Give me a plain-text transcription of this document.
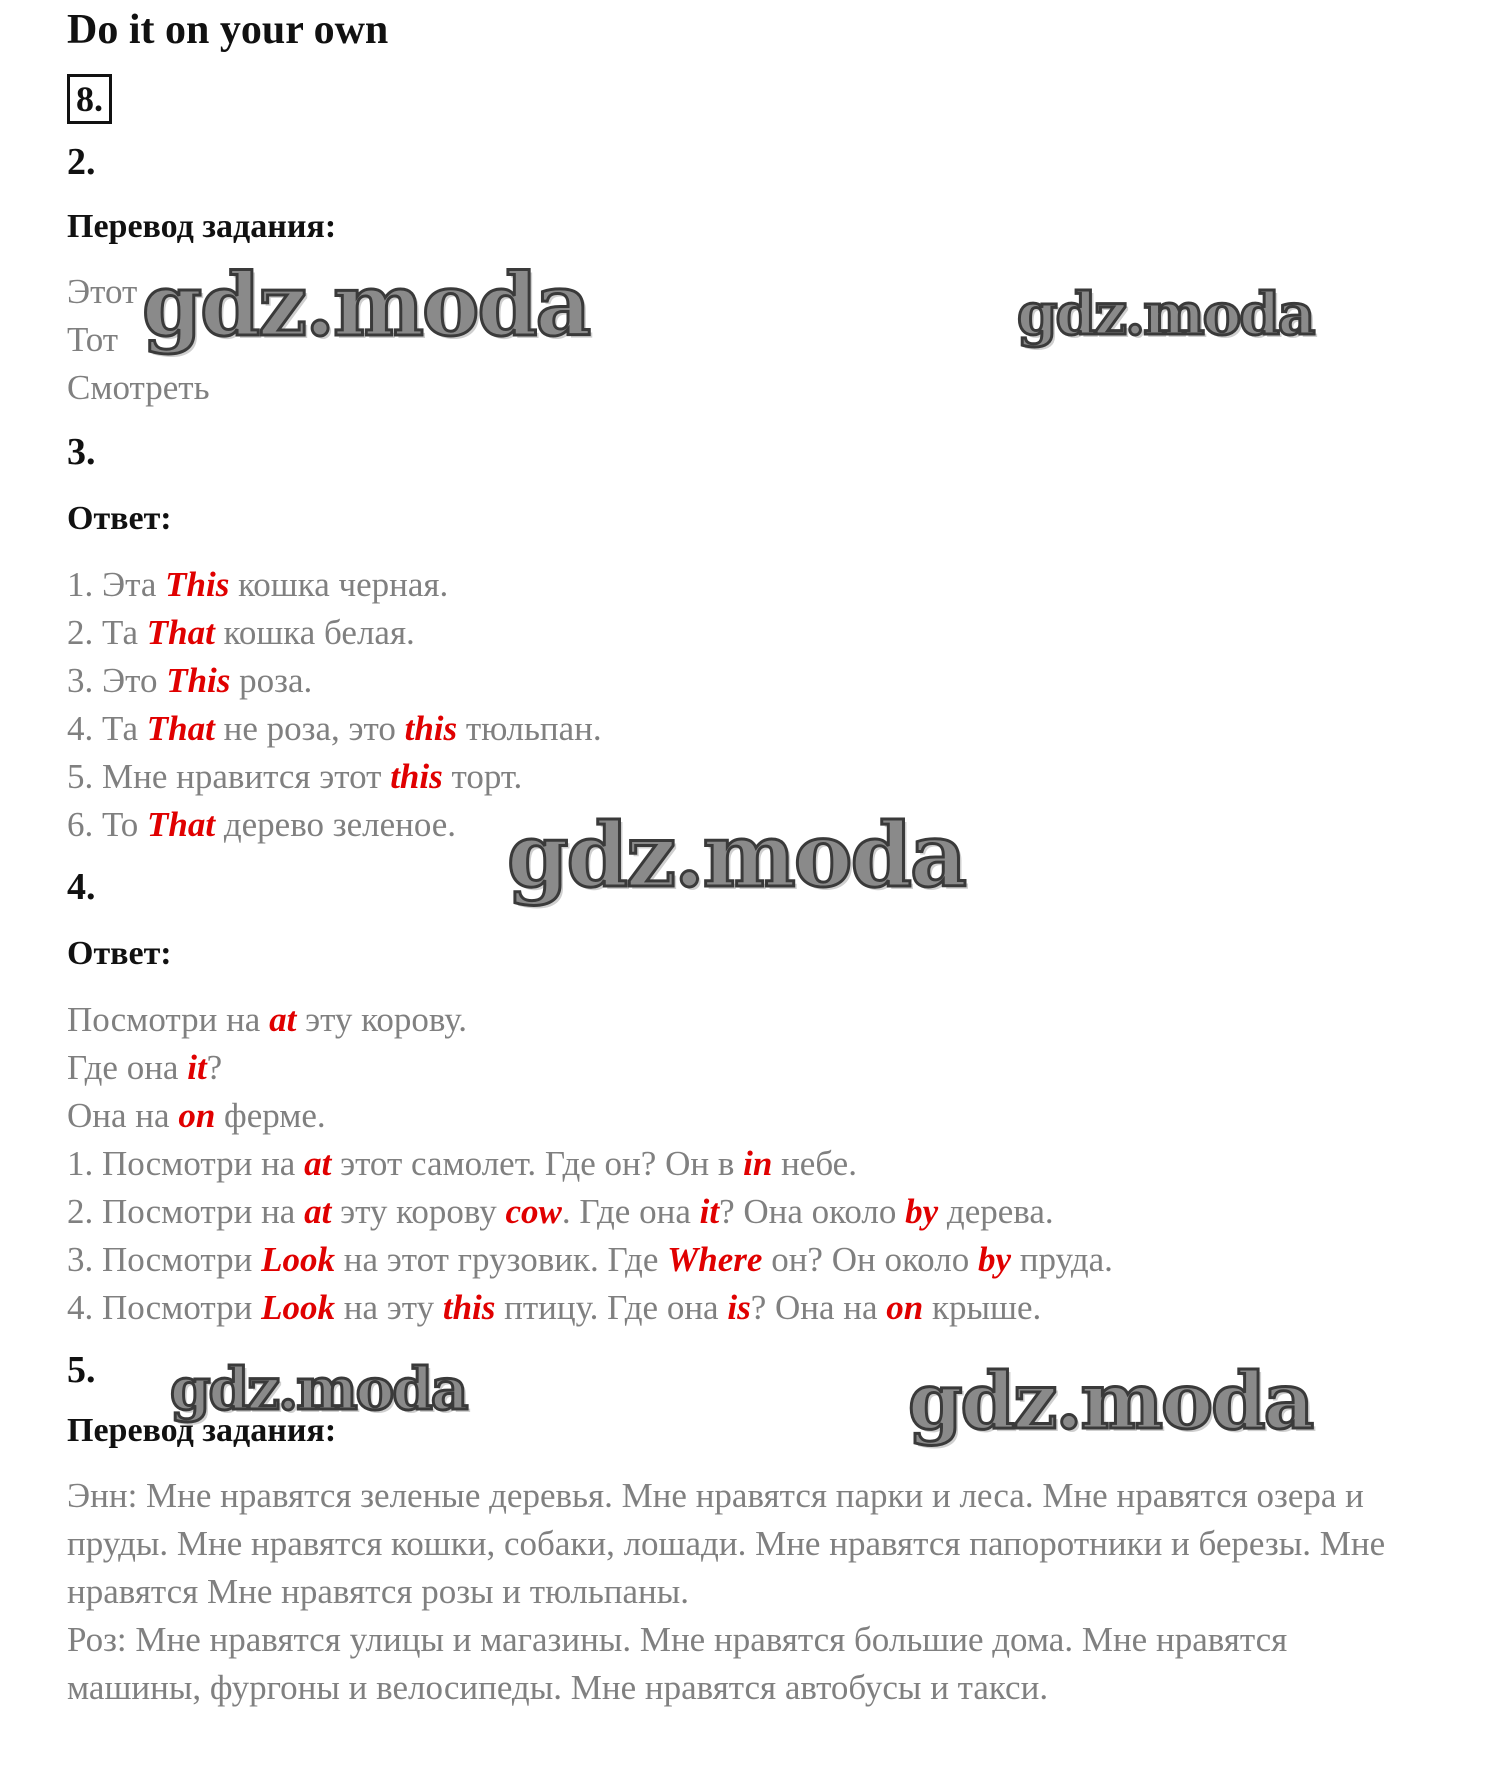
Do it on your own
8.
2.
Перевод задания:
Этот
Тот
Смотреть
3.
Ответ:
1. Эта This кошка черная.
2. Та That кошка белая.
3. Это This роза.
4. Та That не роза, это this тюльпан.
5. Мне нравится этот this торт.
6. То That дерево зеленое.
4.
Ответ:
Посмотри на at эту корову.
Где она it?
Она на on ферме.
1. Посмотри на at этот самолет. Где он? Он в in небе.
2. Посмотри на at эту корову cow. Где она it? Она около by дерева.
3. Посмотри Look на этот грузовик. Где Where он? Он около by пруда.
4. Посмотри Look на эту this птицу. Где она is? Она на on крыше.
5.
Перевод задания:
Энн: Мне нравятся зеленые деревья. Мне нравятся парки и леса. Мне нравятся озера и пруды. Мне нравятся кошки, собаки, лошади. Мне нравятся папоротники и березы. Мне нравятся Мне нравятся розы и тюльпаны.
Роз: Мне нравятся улицы и магазины. Мне нравятся большие дома. Мне нравятся машины, фургоны и велосипеды. Мне нравятся автобусы и такси.
gdz.moda	gdz.moda
gdz.moda
gdz.moda	gdz.moda
